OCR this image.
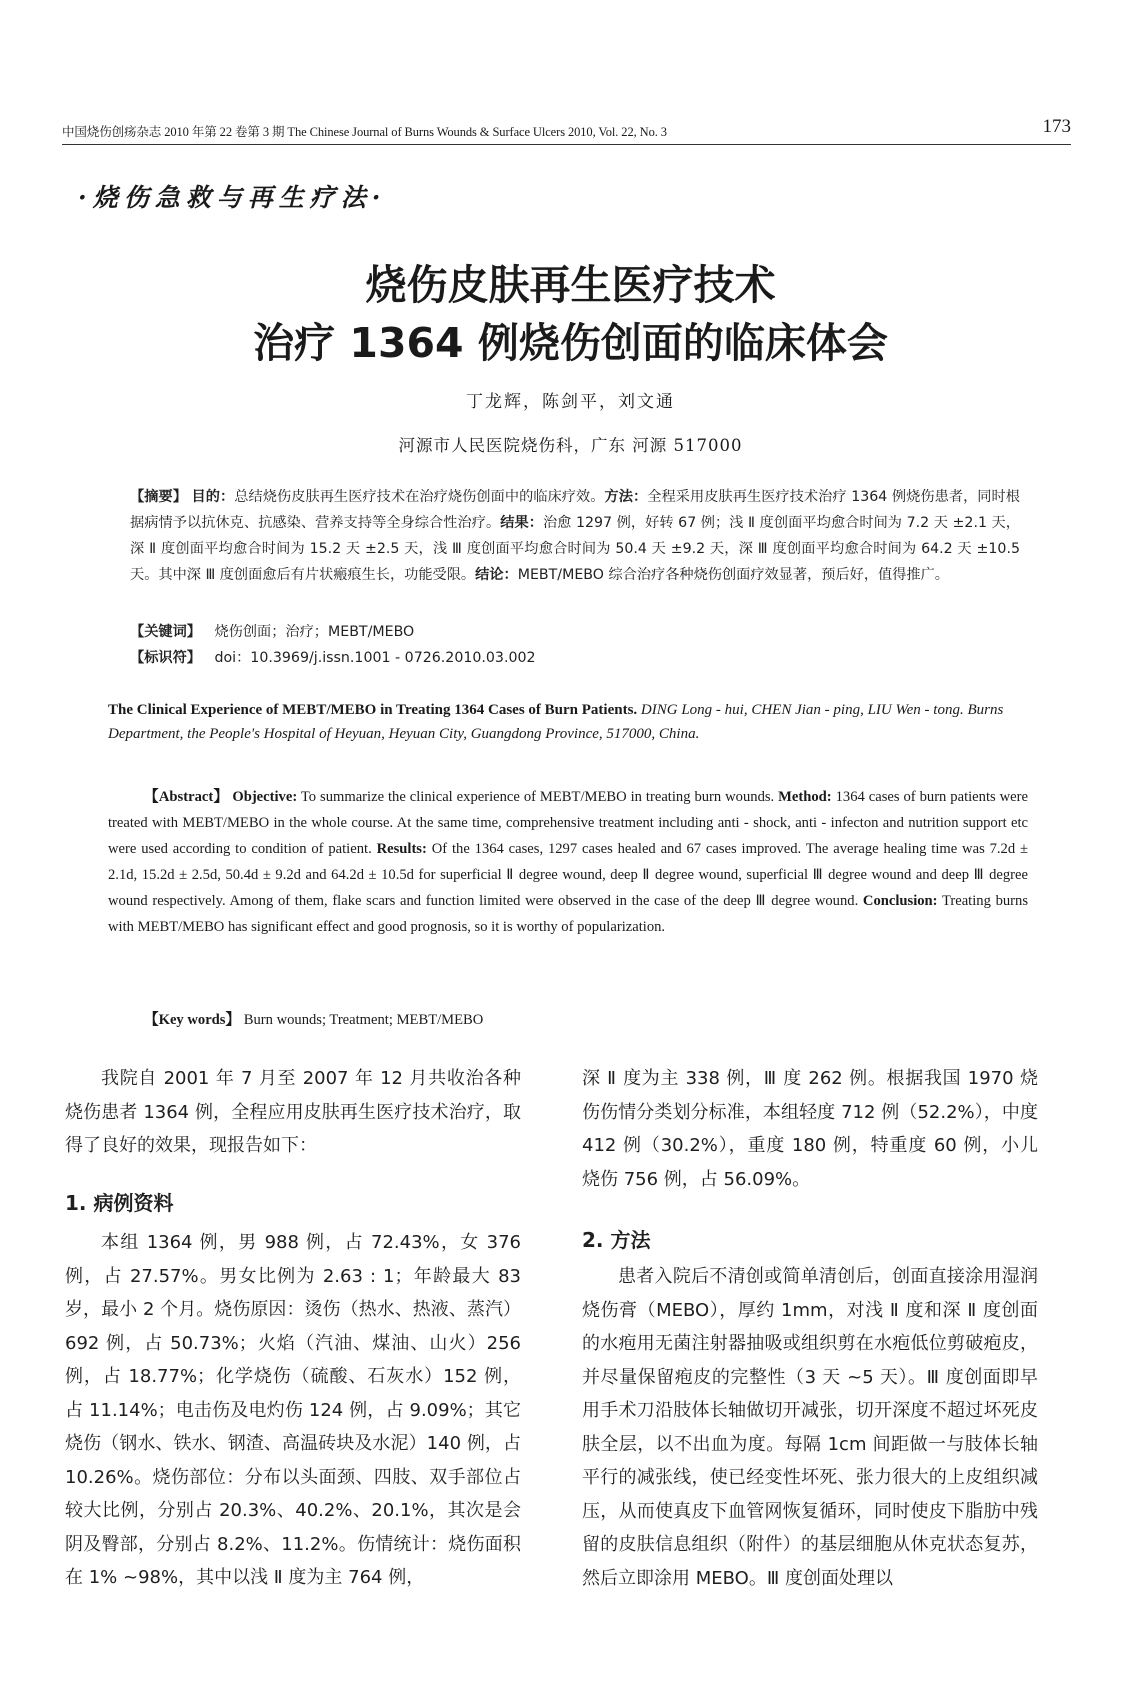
中国烧伤创疡杂志 2010 年第 22 卷第 3 期 The Chinese Journal of Burns Wounds & Surface Ulcers 2010, Vol. 22, No. 3	173
·烧伤急救与再生疗法·
烧伤皮肤再生医疗技术
治疗 1364 例烧伤创面的临床体会
丁龙辉，陈剑平，刘文通
河源市人民医院烧伤科，广东 河源 517000
【摘要】 目的：总结烧伤皮肤再生医疗技术在治疗烧伤创面中的临床疗效。方法：全程采用皮肤再生医疗技术治疗 1364 例烧伤患者，同时根据病情予以抗休克、抗感染、营养支持等全身综合性治疗。结果：治愈 1297 例，好转 67 例；浅 Ⅱ 度创面平均愈合时间为 7.2 天 ±2.1 天，深 Ⅱ 度创面平均愈合时间为 15.2 天 ±2.5 天，浅 Ⅲ 度创面平均愈合时间为 50.4 天 ±9.2 天，深 Ⅲ 度创面平均愈合时间为 64.2 天 ±10.5 天。其中深 Ⅲ 度创面愈后有片状瘢痕生长，功能受限。结论：MEBT/MEBO 综合治疗各种烧伤创面疗效显著，预后好，值得推广。
【关键词】 烧伤创面；治疗；MEBT/MEBO
【标识符】 doi：10.3969/j.issn.1001 - 0726.2010.03.002
The Clinical Experience of MEBT/MEBO in Treating 1364 Cases of Burn Patients. DING Long - hui, CHEN Jian - ping, LIU Wen - tong. Burns Department, the People's Hospital of Heyuan, Heyuan City, Guangdong Province, 517000, China.
【Abstract】 Objective: To summarize the clinical experience of MEBT/MEBO in treating burn wounds. Method: 1364 cases of burn patients were treated with MEBT/MEBO in the whole course. At the same time, comprehensive treatment including anti - shock, anti - infecton and nutrition support etc were used according to condition of patient. Results: Of the 1364 cases, 1297 cases healed and 67 cases improved. The average healing time was 7.2d ± 2.1d, 15.2d ± 2.5d, 50.4d ± 9.2d and 64.2d ± 10.5d for superficial Ⅱ degree wound, deep Ⅱ degree wound, superficial Ⅲ degree wound and deep Ⅲ degree wound respectively. Among of them, flake scars and function limited were observed in the case of the deep Ⅲ degree wound. Conclusion: Treating burns with MEBT/MEBO has significant effect and good prognosis, so it is worthy of popularization.
【Key words】 Burn wounds; Treatment; MEBT/MEBO

我院自 2001 年 7 月至 2007 年 12 月共收治各种烧伤患者 1364 例，全程应用皮肤再生医疗技术治疗，取得了良好的效果，现报告如下：

1. 病例资料

本组 1364 例，男 988 例，占 72.43%，女 376 例，占 27.57%。男女比例为 2.63 : 1；年龄最大 83 岁，最小 2 个月。烧伤原因：烫伤（热水、热液、蒸汽）692 例，占 50.73%；火焰（汽油、煤油、山火）256 例，占 18.77%；化学烧伤（硫酸、石灰水）152 例，占 11.14%；电击伤及电灼伤 124 例，占 9.09%；其它烧伤（钢水、铁水、钢渣、高温砖块及水泥）140 例，占 10.26%。烧伤部位：分布以头面颈、四肢、双手部位占较大比例，分别占 20.3%、40.2%、20.1%，其次是会阴及臀部，分别占 8.2%、11.2%。伤情统计：烧伤面积在 1% ~98%，其中以浅 Ⅱ 度为主 764 例，

深 Ⅱ 度为主 338 例，Ⅲ 度 262 例。根据我国 1970 烧伤伤情分类划分标准，本组轻度 712 例（52.2%），中度 412 例（30.2%），重度 180 例，特重度 60 例，小儿烧伤 756 例，占 56.09%。

2. 方法

患者入院后不清创或简单清创后，创面直接涂用湿润烧伤膏（MEBO），厚约 1mm，对浅 Ⅱ 度和深 Ⅱ 度创面的水疱用无菌注射器抽吸或组织剪在水疱低位剪破疱皮，并尽量保留疱皮的完整性（3 天 ~5 天）。Ⅲ 度创面即早用手术刀沿肢体长轴做切开减张，切开深度不超过坏死皮肤全层，以不出血为度。每隔 1cm 间距做一与肢体长轴平行的减张线，使已经变性坏死、张力很大的上皮组织减压，从而使真皮下血管网恢复循环，同时使皮下脂肪中残留的皮肤信息组织（附件）的基层细胞从休克状态复苏，然后立即涂用 MEBO。Ⅲ 度创面处理以
